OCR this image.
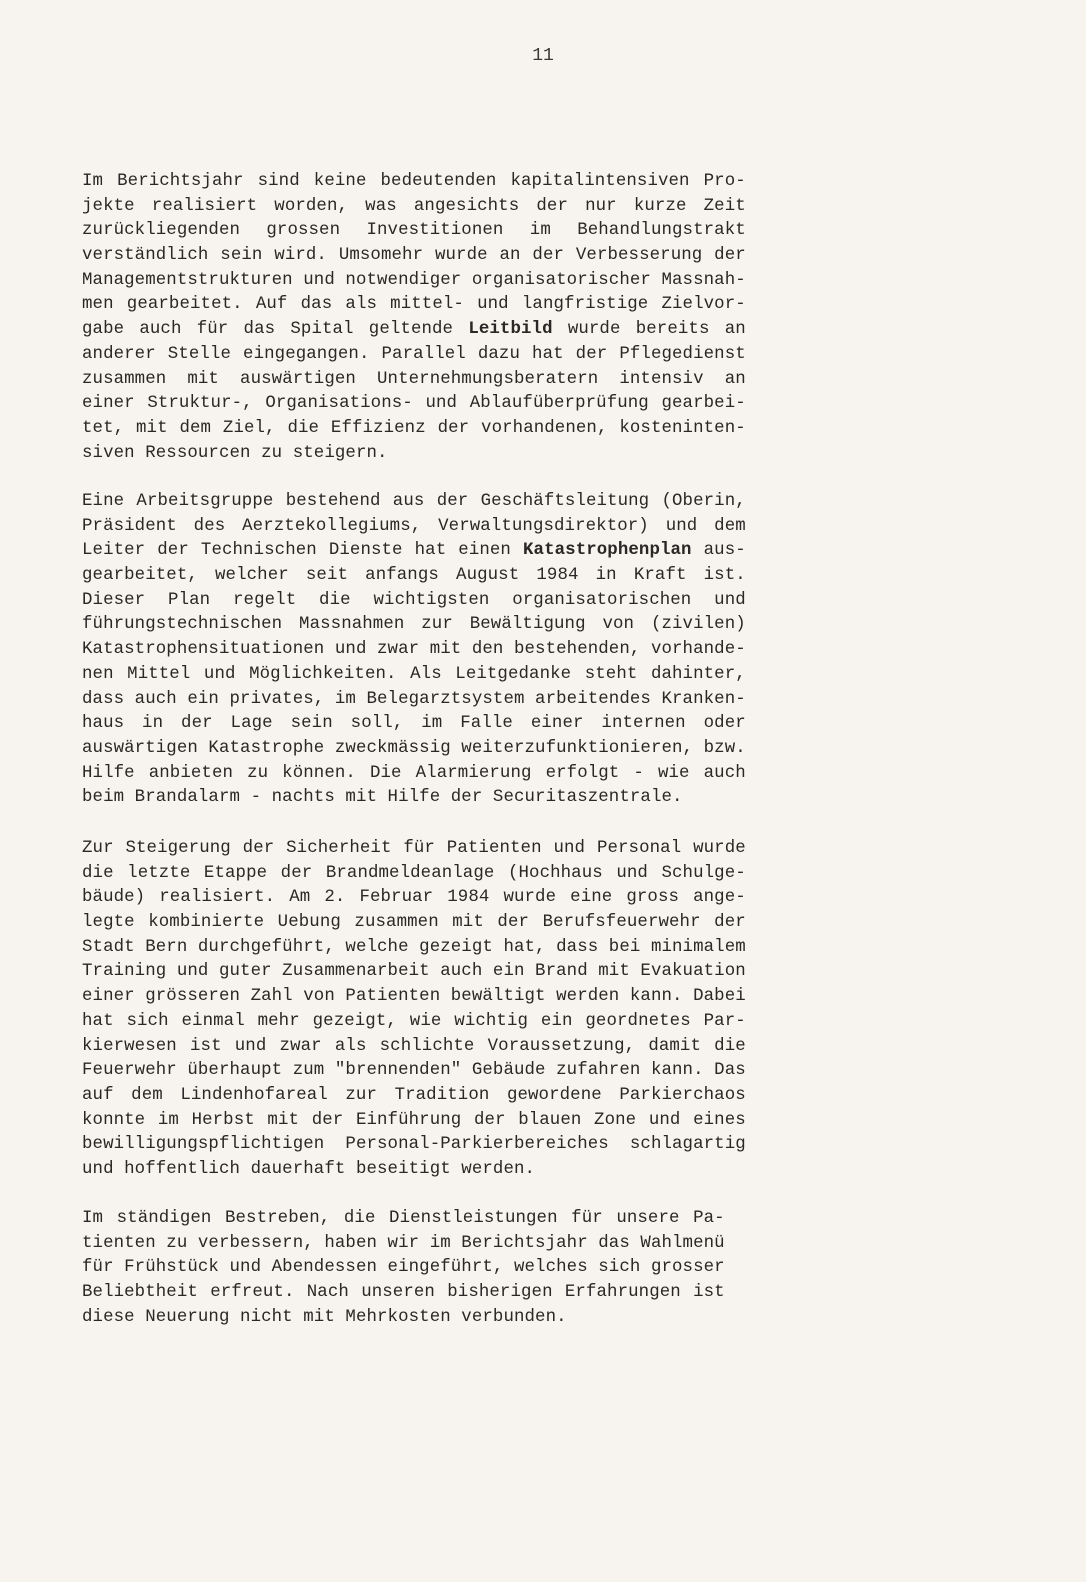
11
Im Berichtsjahr sind keine bedeutenden kapitalintensiven Pro-
jekte realisiert worden, was angesichts der nur kurze Zeit
zurückliegenden grossen Investitionen im Behandlungstrakt
verständlich sein wird. Umsomehr wurde an der Verbesserung der
Managementstrukturen und notwendiger organisatorischer Massnah-
men gearbeitet. Auf das als mittel- und langfristige Zielvor-
gabe auch für das Spital geltende Leitbild wurde bereits an
anderer Stelle eingegangen. Parallel dazu hat der Pflegedienst
zusammen mit auswärtigen Unternehmungsberatern intensiv an
einer Struktur-, Organisations- und Ablaufüberprüfung gearbei-
tet, mit dem Ziel, die Effizienz der vorhandenen, kosteninten-
siven Ressourcen zu steigern.
Eine Arbeitsgruppe bestehend aus der Geschäftsleitung (Oberin,
Präsident des Aerztekollegiums, Verwaltungsdirektor) und dem
Leiter der Technischen Dienste hat einen Katastrophenplan aus-
gearbeitet, welcher seit anfangs August 1984 in Kraft ist.
Dieser Plan regelt die wichtigsten organisatorischen und
führungstechnischen Massnahmen zur Bewältigung von (zivilen)
Katastrophensituationen und zwar mit den bestehenden, vorhande-
nen Mittel und Möglichkeiten. Als Leitgedanke steht dahinter,
dass auch ein privates, im Belegarztsystem arbeitendes Kranken-
haus in der Lage sein soll, im Falle einer internen oder
auswärtigen Katastrophe zweckmässig weiterzufunktionieren, bzw.
Hilfe anbieten zu können. Die Alarmierung erfolgt - wie auch
beim Brandalarm - nachts mit Hilfe der Securitaszentrale.
Zur Steigerung der Sicherheit für Patienten und Personal wurde
die letzte Etappe der Brandmeldeanlage (Hochhaus und Schulge-
bäude) realisiert. Am 2. Februar 1984 wurde eine gross ange-
legte kombinierte Uebung zusammen mit der Berufsfeuerwehr der
Stadt Bern durchgeführt, welche gezeigt hat, dass bei minimalem
Training und guter Zusammenarbeit auch ein Brand mit Evakuation
einer grösseren Zahl von Patienten bewältigt werden kann. Dabei
hat sich einmal mehr gezeigt, wie wichtig ein geordnetes Par-
kierwesen ist und zwar als schlichte Voraussetzung, damit die
Feuerwehr überhaupt zum "brennenden" Gebäude zufahren kann. Das
auf dem Lindenhofareal zur Tradition gewordene Parkierchaos
konnte im Herbst mit der Einführung der blauen Zone und eines
bewilligungspflichtigen Personal-Parkierbereiches schlagartig
und hoffentlich dauerhaft beseitigt werden.
Im ständigen Bestreben, die Dienstleistungen für unsere Pa-
tienten zu verbessern, haben wir im Berichtsjahr das Wahlmenü
für Frühstück und Abendessen eingeführt, welches sich grosser
Beliebtheit erfreut. Nach unseren bisherigen Erfahrungen ist
diese Neuerung nicht mit Mehrkosten verbunden.
